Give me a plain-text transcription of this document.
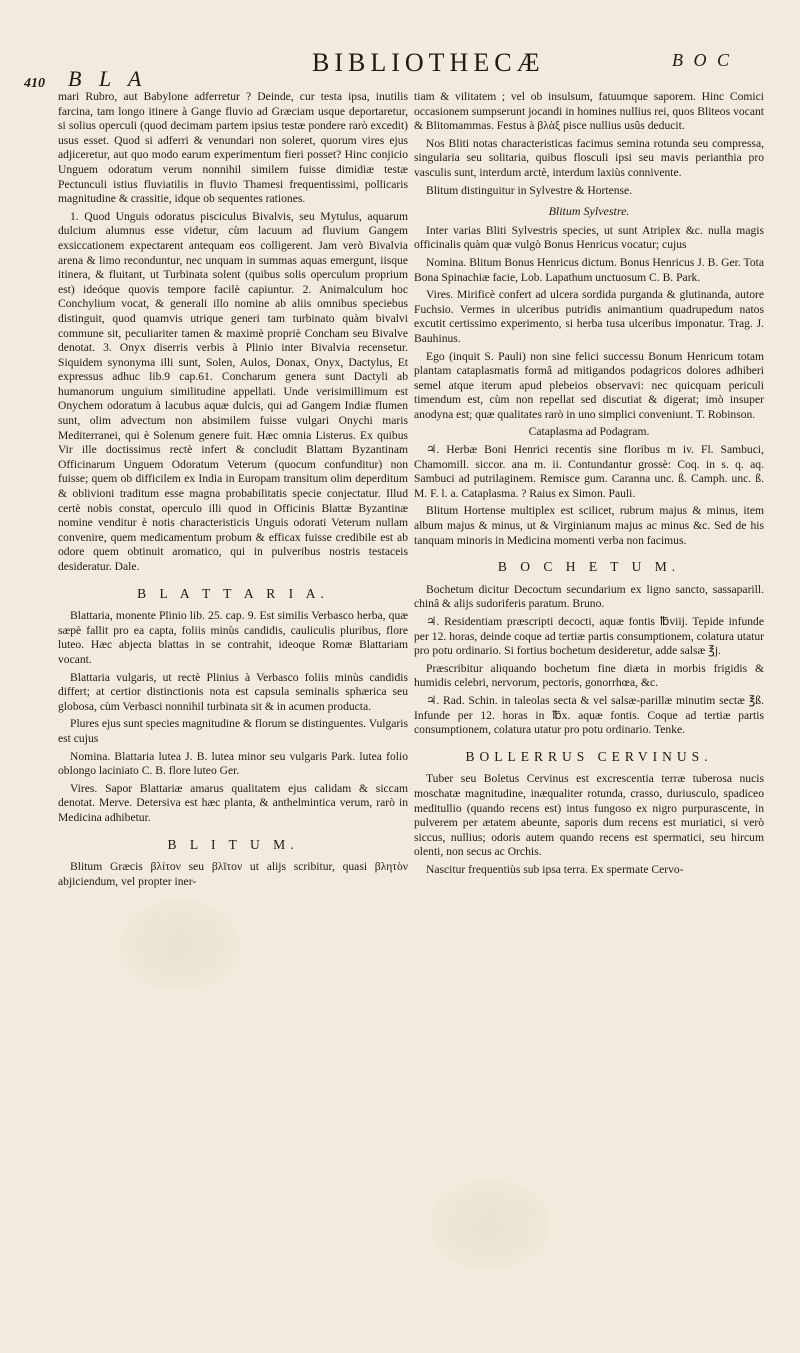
410 B L A
BIBLIOTHECÆ	B O C

mari Rubro, aut Babylone adferretur ? Deinde, cur testa ipsa, inutilis farcina, tam longo itinere à Gange fluvio ad Græciam usque deportaretur, si solius operculi (quod decimam partem ipsius testæ pondere rarò excedit) usus esset. Quod si adferri & venundari non soleret, quorum vires ejus adjiceretur, aut quo modo earum experimentum fieri posset? Hinc conjicio Unguem odoratum verum nonnihil similem fuisse dimidiæ testæ Pectunculi istius fluviatilis in fluvio Thamesi frequentissimi, pollicaris magnitudine & crassitie, idque ob sequentes rationes.

1. Quod Unguis odoratus pisciculus Bivalvis, seu Mytulus, aquarum dulcium alumnus esse videtur, cùm lacuum ad fluvium Gangem exsiccationem expectarent antequam eos colligerent. Jam verò Bivalvia arena & limo reconduntur, nec unquam in summas aquas emergunt, iisque itinera, & fluitant, ut Turbinata solent (quibus solis operculum proprium est) ideóque quovis tempore facilè capiuntur. 2. Animalculum hoc Conchylium vocat, & generali illo nomine ab aliis omnibus speciebus distinguit, quod quamvis utrique generi tam turbinato quàm bivalvi commune sit, peculiariter tamen & maximè propriè Concham seu Bivalve denotat. 3. Onyx diserris verbis à Plinio inter Bivalvia recensetur. Siquidem synonyma illi sunt, Solen, Aulos, Donax, Onyx, Dactylus, Et expressus adhuc lib.9 cap.61. Concharum genera sunt Dactyli ab humanorum unguium similitudine appellati. Unde verisimillimum est Onychem odoratum à lacubus aquæ dulcis, qui ad Gangem Indiæ flumen sunt, olim advectum non absimilem fuisse vulgari Onychi maris Mediterranei, qui è Solenum genere fuit. Hæc omnia Listerus. Ex quibus Vir ille doctissimus rectè infert & concludit Blattam Byzantinam Officinarum Unguem Odoratum Veterum (quocum confunditur) non fuisse; quem ob difficilem ex India in Europam transitum olim deperditum & oblivioni traditum esse magna probabilitatis specie conjectatur. Illud certè nobis constat, operculo illi quod in Officinis Blattæ Byzantinæ nomine venditur è notis characteristicis Unguis odorati Veterum nullam convenire, quem medicamentum probum & efficax fuisse credibile est ab odore quem obtinuit aromatico, qui in pulveribus nostris testaceis desideratur. Dale.

B L A T T A R I A.

Blattaria, monente Plinio lib. 25. cap. 9. Est similis Verbasco herba, quæ sæpè fallit pro ea capta, foliis minùs candidis, cauliculis pluribus, flore luteo. Hæc abjecta blattas in se contrahit, ideoque Romæ Blattariam vocant.

Blattaria vulgaris, ut rectè Plinius à Verbasco foliis minùs candidis differt; at certior distinctionis nota est capsula seminalis sphærica seu globosa, cùm Verbasci nonnihil turbinata sit & in acumen producta.

Plures ejus sunt species magnitudine & florum se distinguentes. Vulgaris est cujus

Nomina. Blattaria lutea J. B. lutea minor seu vulgaris Park. lutea folio oblongo laciniato C. B. flore luteo Ger.

Vires. Sapor Blattariæ amarus qualitatem ejus calidam & siccam denotat. Merve. Detersiva est hæc planta, & anthelmintica verum, rarò in Medicina adhibetur.

B L I T U M.

Blitum Græcis βλίτον seu βλῖτον ut alijs scribitur, quasi βλητὸν abjiciendum, vel propter iner-

tiam & vilitatem ; vel ob insulsum, fatuumque saporem. Hinc Comici occasionem sumpserunt jocandi in homines nullius rei, quos Bliteos vocant & Blitomammas. Festus à βλὰξ pisce nullius usûs deducit.

Nos Bliti notas characteristicas facimus semina rotunda seu compressa, singularia seu solitaria, quibus flosculi ipsi seu mavis perianthia pro vasculis sunt, interdum arctè, interdum laxiùs connivente.

Blitum distinguitur in Sylvestre & Hortense.

Blitum Sylvestre.

Inter varias Bliti Sylvestris species, ut sunt Atriplex &c. nulla magis officinalis quàm quæ vulgò Bonus Henricus vocatur; cujus

Nomina. Blitum Bonus Henricus dictum. Bonus Henricus J. B. Ger. Tota Bona Spinachiæ facie, Lob. Lapathum unctuosum C. B. Park.

Vires. Mirificè confert ad ulcera sordida purganda & glutinanda, autore Fuchsio. Vermes in ulceribus putridis animantium quadrupedum natos excutit certissimo experimento, si herba tusa ulceribus imponatur. Trag. J. Bauhinus.

Ego (inquit S. Pauli) non sine felici successu Bonum Henricum totam plantam cataplasmatis formâ ad mitigandos podagricos dolores adhiberi semel atque iterum apud plebeios observavi: nec quicquam periculi timendum est, cùm non repellat sed discutiat & digerat; imò insuper anodyna est; quæ qualitates rarò in uno simplici conveniunt. T. Robinson.

Cataplasma ad Podagram.

♃. Herbæ Boni Henrici recentis sine floribus m iv. Fl. Sambuci, Chamomill. siccor. ana m. ii. Contundantur grossè: Coq. in s. q. aq. Sambuci ad putrilaginem. Remisce gum. Caranna unc. ß. Camph. unc. ß. M. F. l. a. Cataplasma. ? Raius ex Simon. Pauli.

Blitum Hortense multiplex est scilicet, rubrum majus & minus, item album majus & minus, ut & Virginianum majus ac minus &c. Sed de his tanquam minoris in Medicina momenti verba non facimus.

B O C H E T U M.

Bochetum dicitur Decoctum secundarium ex ligno sancto, sassaparill. chinâ & alijs sudoriferis paratum. Bruno.

♃. Residentiam præscripti decocti, aquæ fontis ℔viij. Tepide infunde per 12. horas, deinde coque ad tertiæ partis consumptionem, colatura utatur pro potu ordinario. Si fortius bochetum desideretur, adde salsæ ℥j.

Præscribitur aliquando bochetum fine diæta in morbis frigidis & humidis celebri, nervorum, pectoris, gonorrhœa, &c.

♃. Rad. Schin. in taleolas secta & vel salsæ-parillæ minutim sectæ ℥ß. Infunde per 12. horas in ℔x. aquæ fontis. Coque ad tertiæ partis consumptionem, colatura utatur pro potu ordinario. Tenke.

BOLLERRUS CERVINUS.

Tuber seu Boletus Cervinus est excrescentia terræ tuberosa nucis moschatæ magnitudine, inæqualiter rotunda, crasso, duriusculo, spadiceo meditullio (quando recens est) intus fungoso ex nigro purpurascente, in pulverem per ætatem abeunte, saporis dum recens est muriatici, si verò siccus, nullius; odoris autem quando recens est spermatici, seu hircum olenti, non secus ac Orchis.

Nascitur frequentiùs sub ipsa terra. Ex spermate Cervo-
